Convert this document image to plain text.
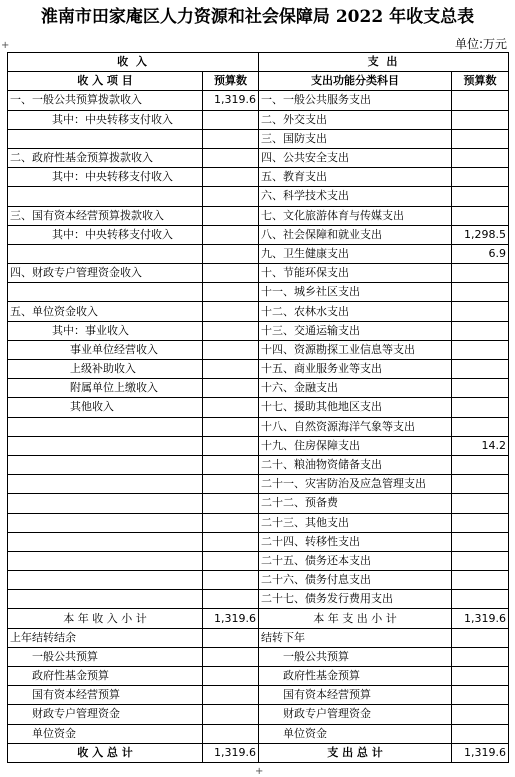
淮南市田家庵区人力资源和社会保障局 2022 年收支总表
单位:万元
+
+
收 入		支 出	
收 入 项 目	预算数	支出功能分类科目	预算数
一、一般公共预算拨款收入	1,319.6	一、一般公共服务支出	
其中：中央转移支付收入		二、外交支出	
		三、国防支出	
二、政府性基金预算拨款收入		四、公共安全支出	
其中：中央转移支付收入		五、教育支出	
		六、科学技术支出	
三、国有资本经营预算拨款收入		七、文化旅游体育与传媒支出	
其中：中央转移支付收入		八、社会保障和就业支出	1,298.5
		九、卫生健康支出	6.9
四、财政专户管理资金收入		十、节能环保支出	
		十一、城乡社区支出	
五、单位资金收入		十二、农林水支出	
其中：事业收入		十三、交通运输支出	
事业单位经营收入		十四、资源勘探工业信息等支出	
上级补助收入		十五、商业服务业等支出	
附属单位上缴收入		十六、金融支出	
其他收入		十七、援助其他地区支出	
		十八、自然资源海洋气象等支出	
		十九、住房保障支出	14.2
		二十、粮油物资储备支出	
		二十一、灾害防治及应急管理支出	
		二十二、预备费	
		二十三、其他支出	
		二十四、转移性支出	
		二十五、债务还本支出	
		二十六、债务付息支出	
		二十七、债务发行费用支出	
本 年 收 入 小 计	1,319.6	本 年 支 出 小 计	1,319.6
上年结转结余		结转下年	
一般公共预算		一般公共预算	
政府性基金预算		政府性基金预算	
国有资本经营预算		国有资本经营预算	
财政专户管理资金		财政专户管理资金	
单位资金		单位资金	
收 入 总 计	1,319.6	支 出 总 计	1,319.6
